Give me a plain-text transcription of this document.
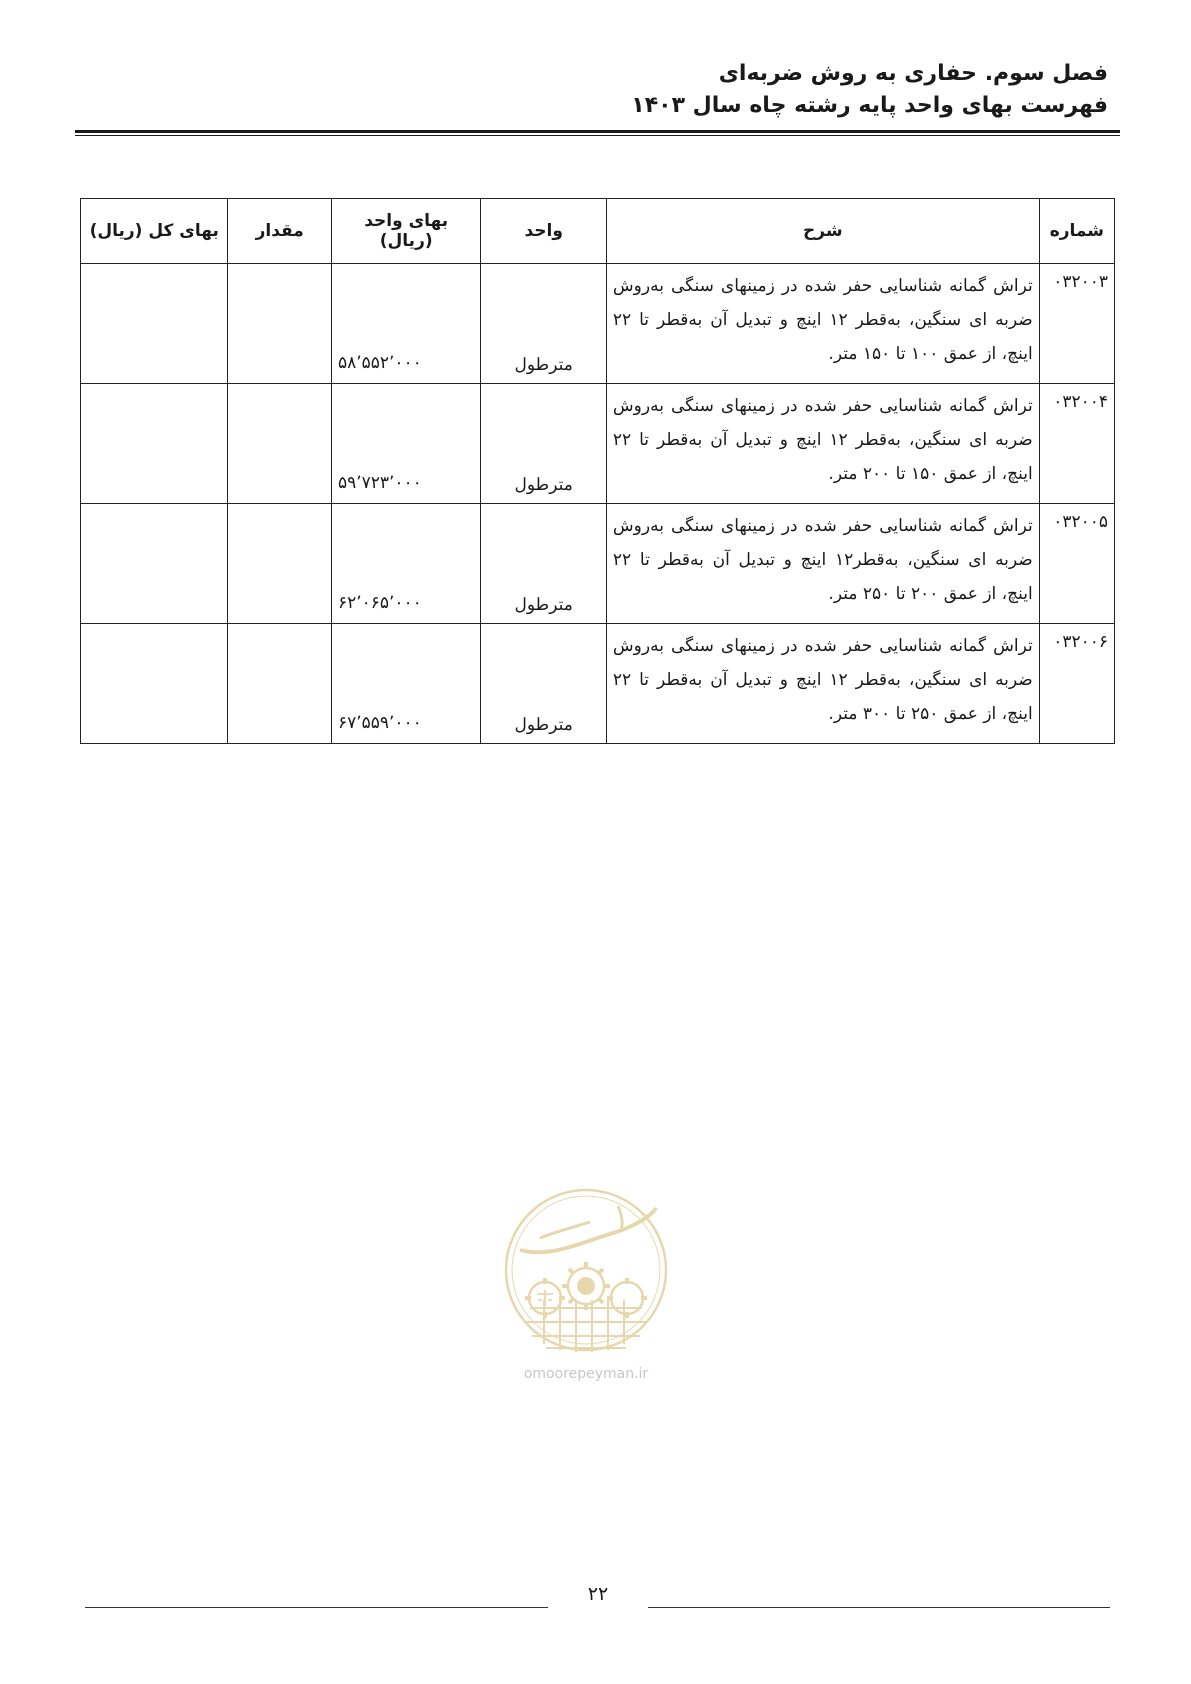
فصل سوم. حفاری به روش ضربه‌ای
فهرست بهای واحد پایه رشته چاه سال ۱۴۰۳
شماره	شرح	واحد	بهای واحد (ریال)	مقدار	بهای کل (ریال)
۰۳۲۰۰۳	تراش گمانه شناسایی حفر شده در زمینهای سنگی به‌روش ضربه ای سنگین، به‌قطر ۱۲ اینچ و تبدیل آن به‌قطر تا ۲۲ اینچ، از عمق ۱۰۰ تا ۱۵۰ متر.	مترطول	۵۸٬۵۵۲٬۰۰۰		
۰۳۲۰۰۴	تراش گمانه شناسایی حفر شده در زمینهای سنگی به‌روش ضربه ای سنگین، به‌قطر ۱۲ اینچ و تبدیل آن به‌قطر تا ۲۲ اینچ، از عمق ۱۵۰ تا ۲۰۰ متر.	مترطول	۵۹٬۷۲۳٬۰۰۰		
۰۳۲۰۰۵	تراش گمانه شناسایی حفر شده در زمینهای سنگی به‌روش ضربه ای سنگین، به‌قطر۱۲ اینچ و تبدیل آن به‌قطر تا ۲۲ اینچ، از عمق ۲۰۰ تا ۲۵۰ متر.	مترطول	۶۲٬۰۶۵٬۰۰۰		
۰۳۲۰۰۶	تراش گمانه شناسایی حفر شده در زمینهای سنگی به‌روش ضربه ای سنگین، به‌قطر ۱۲ اینچ و تبدیل آن به‌قطر تا ۲۲ اینچ، از عمق ۲۵۰ تا ۳۰۰ متر.	مترطول	۶۷٬۵۵۹٬۰۰۰		
omoorepeyman.ir
۲۲
